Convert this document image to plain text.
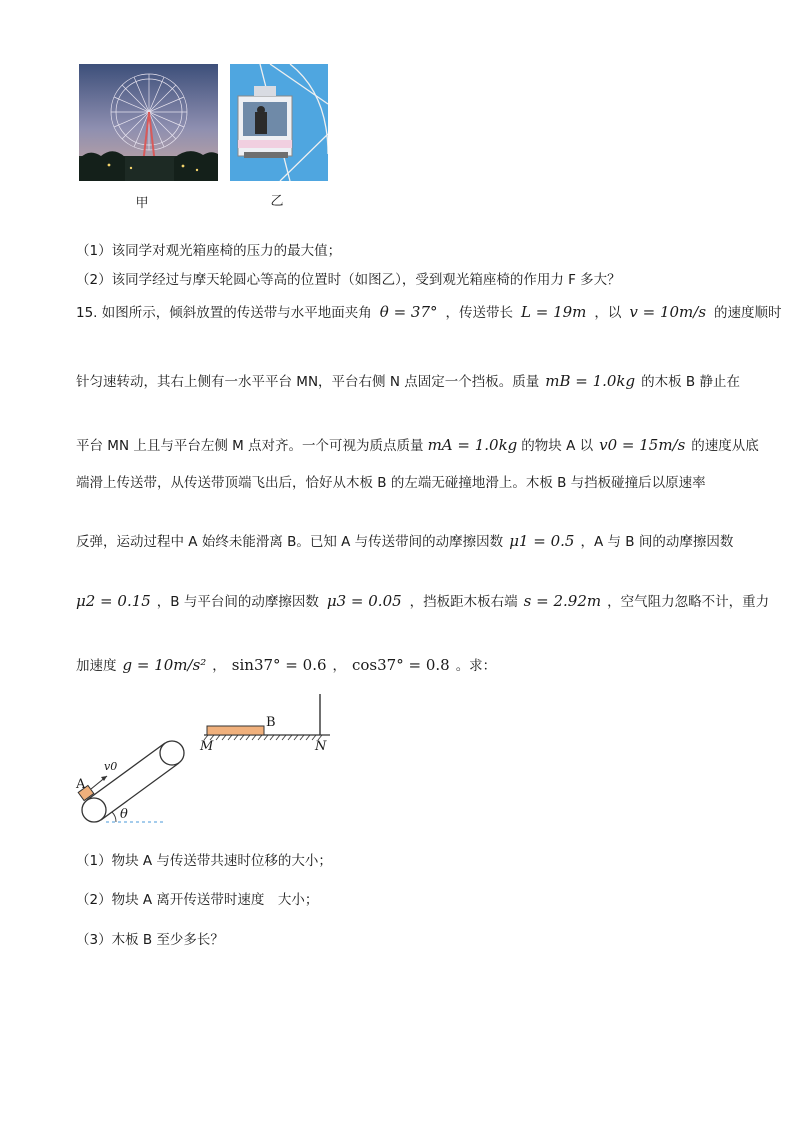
甲	乙
（1）该同学对观光箱座椅的压力的最大值；
（2）该同学经过与摩天轮圆心等高的位置时（如图乙），受到观光箱座椅的作用力 F 多大？
15. 如图所示，倾斜放置的传送带与水平地面夹角 θ = 37° ，传送带长 L = 19m ，以 v = 10m/s 的速度顺时
针匀速转动，其右上侧有一水平平台 MN，平台右侧 N 点固定一个挡板。质量 mB = 1.0kg 的木板 B 静止在
平台 MN 上且与平台左侧 M 点对齐。一个可视为质点质量 mA = 1.0kg 的物块 A 以 v0 = 15m/s 的速度从底
端滑上传送带，从传送带顶端飞出后，恰好从木板 B 的左端无碰撞地滑上。木板 B 与挡板碰撞后以原速率
反弹，运动过程中 A 始终未能滑离 B。已知 A 与传送带间的动摩擦因数 μ1 = 0.5 ，A 与 B 间的动摩擦因数
μ2 = 0.15 ，B 与平台间的动摩擦因数 μ3 = 0.05 ，挡板距木板右端 s = 2.92m ，空气阻力忽略不计，重力
加速度 g = 10m/s² ， sin37° = 0.6 ， cos37° = 0.8 。求：
A
v0
θ
B
M	N
（1）物块 A 与传送带共速时位移的大小；
（2）物块 A 离开传送带时速度　大小；
（3）木板 B 至少多长？
